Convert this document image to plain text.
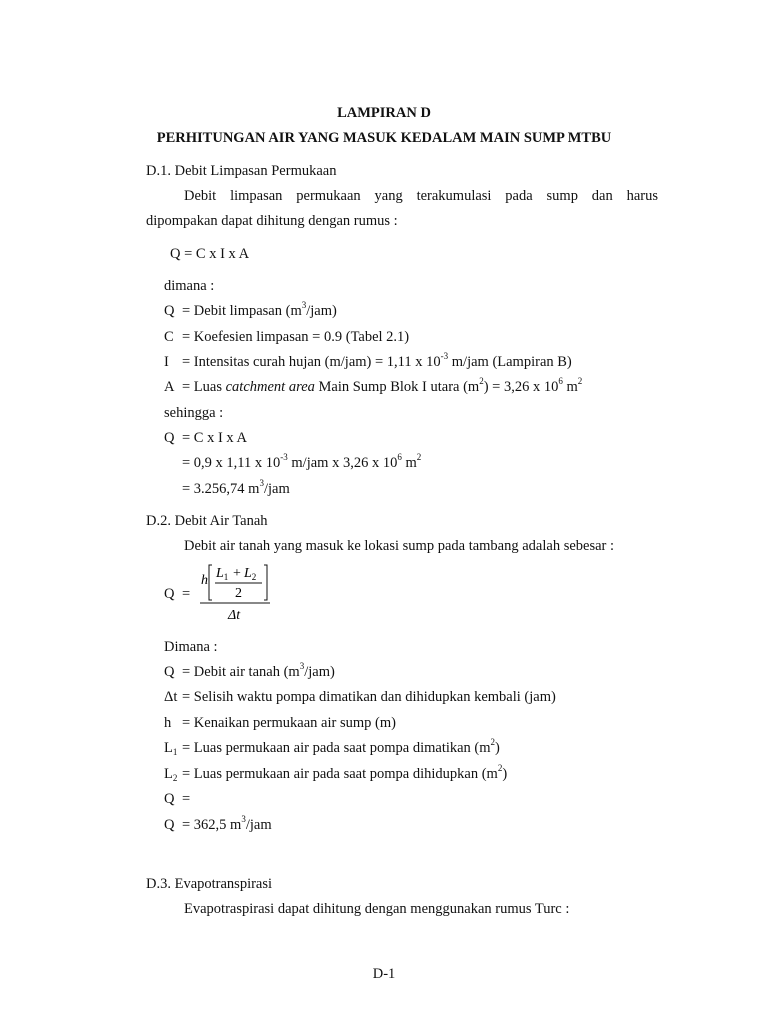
LAMPIRAN D
PERHITUNGAN AIR YANG MASUK KEDALAM MAIN SUMP MTBU
D.1. Debit Limpasan Permukaan
Debit limpasan permukaan yang terakumulasi pada sump dan harus
dipompakan dapat dihitung dengan rumus :
Q = C x I x A
dimana :
Q = Debit limpasan $(m^3/jam)$
C = Koefesien limpasan = 0.9 (Tabel 2.1)
I = Intensitas curah hujan (m/jam) = 1,11 x $10^{-3}$ m/jam (Lampiran B)
A = Luas catchment area Main Sump Blok I utara $(m^2) = 3,26$ x $10^6$ $m^2$
sehingga :
Q = C x I x A
= 0,9 x 1,11 x $10^{-3}$ m/jam x 3,26 x $10^6$ $m^2$
= 3.256,74 $m^3$/jam
D.2. Debit Air Tanah
Debit air tanah yang masuk ke lokasi sump pada tambang adalah sebesar :
Q =
h $L_1 + L_2$
2
Δt
Dimana :
Q = Debit air tanah $(m^3/jam)$
Δt = Selisih waktu pompa dimatikan dan dihidupkan kembali (jam)
h = Kenaikan permukaan air sump (m)
$L_1$ = Luas permukaan air pada saat pompa dimatikan $(m^2)$
$L_2$ = Luas permukaan air pada saat pompa dihidupkan $(m^2)$
Q =
Q = 362,5 $m^3$/jam
D.3. Evapotranspirasi
Evapotraspirasi dapat dihitung dengan menggunakan rumus Turc :
D-1
